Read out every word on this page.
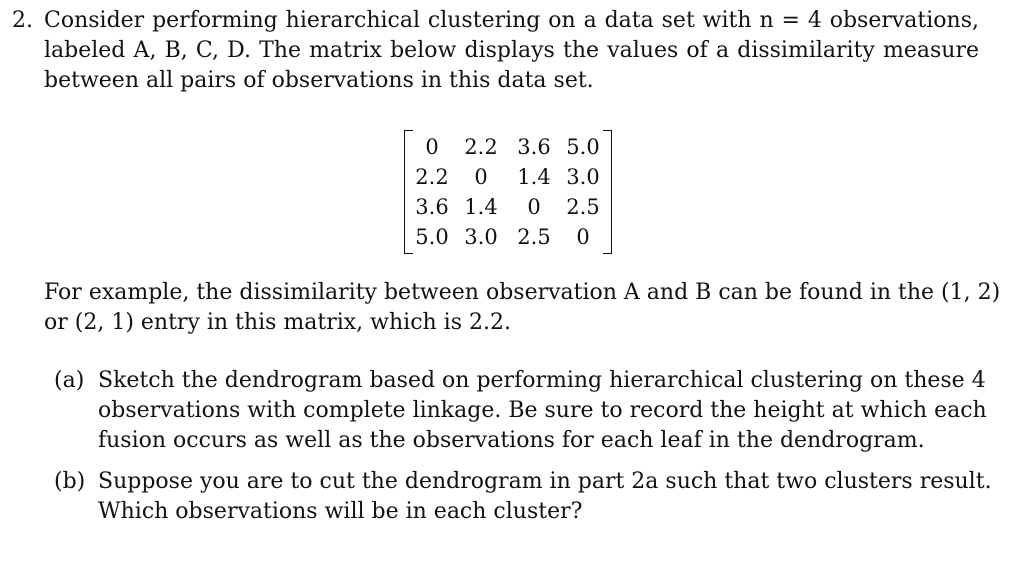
2. Consider performing hierarchical clustering on a data set with n = 4 observations,
labeled A, B, C, D. The matrix below displays the values of a dissimilarity measure
between all pairs of observations in this data set.
0	2.2 3.6 5.0
2.2	0	1.4 3.0
3.6 1.4	0	2.5
5.0 3.0 2.5	0
For example, the dissimilarity between observation A and B can be found in the (1, 2)
or (2, 1) entry in this matrix, which is 2.2.
(a) Sketch the dendrogram based on performing hierarchical clustering on these 4
observations with complete linkage. Be sure to record the height at which each
fusion occurs as well as the observations for each leaf in the dendrogram.
(b) Suppose you are to cut the dendrogram in part 2a such that two clusters result.
Which observations will be in each cluster?
